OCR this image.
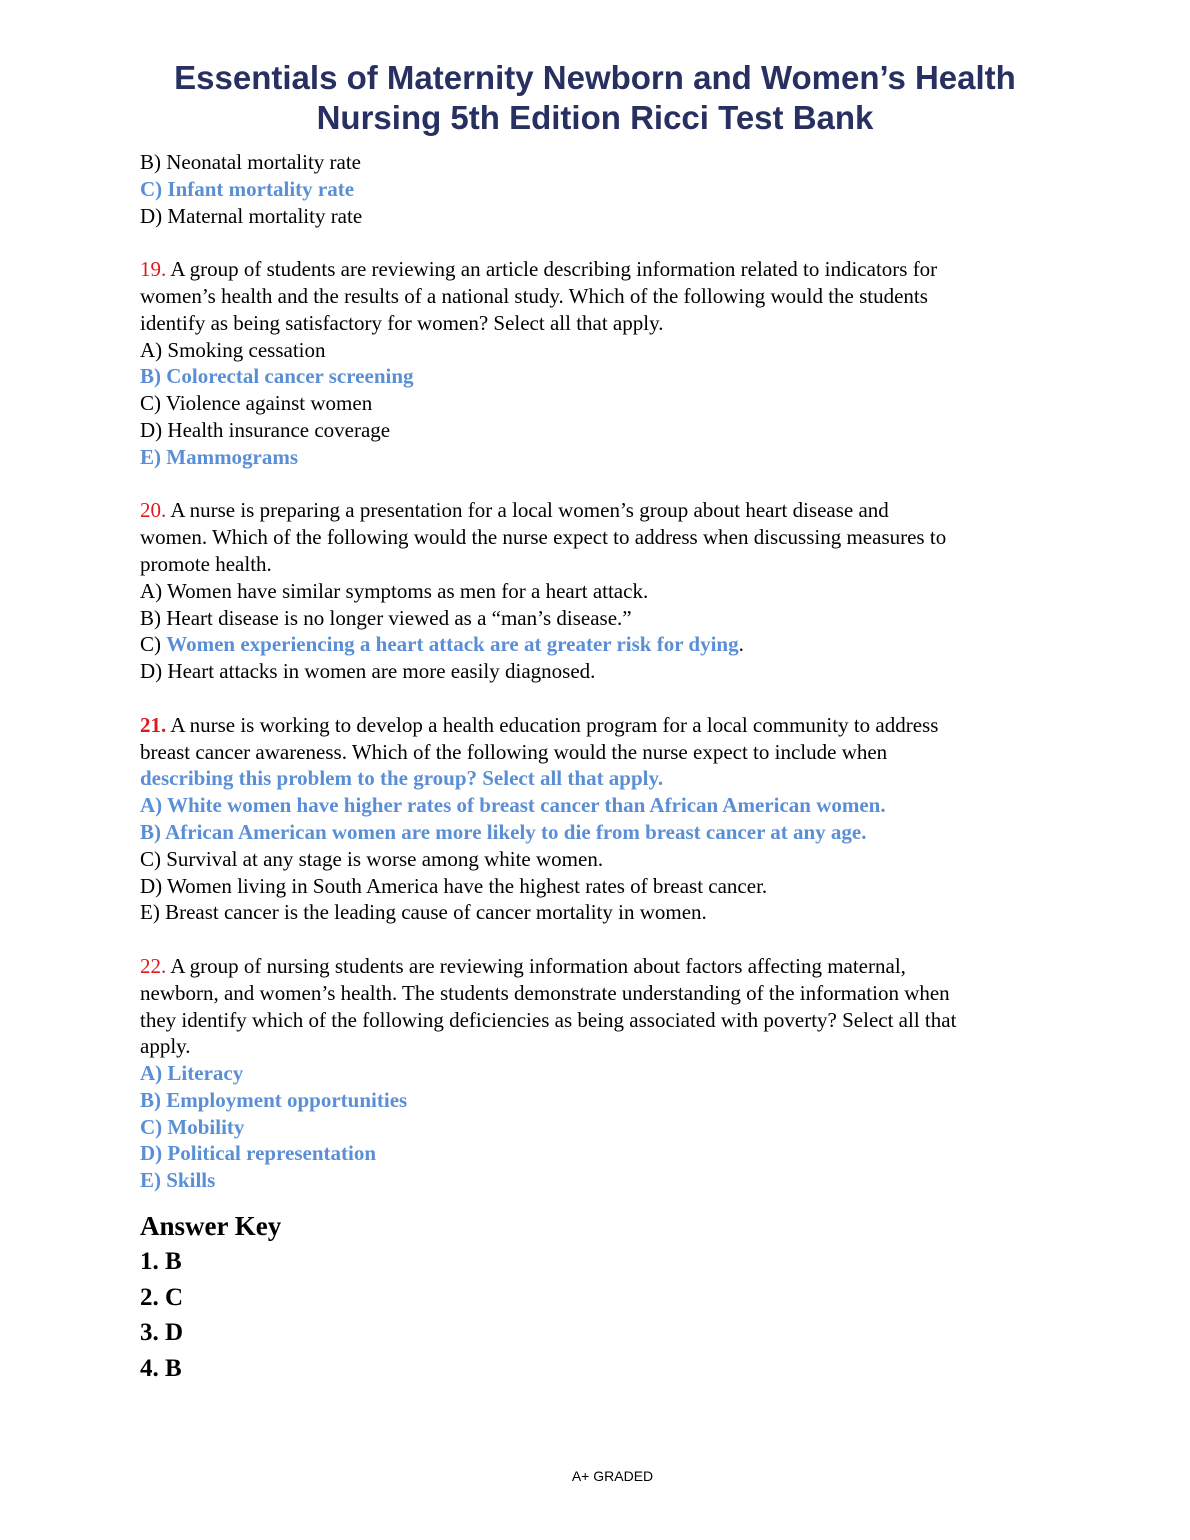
Essentials of Maternity Newborn and Women’s Health
Nursing 5th Edition Ricci Test Bank
B) Neonatal mortality rate
C) Infant mortality rate
D) Maternal mortality rate
19. A group of students are reviewing an article describing information related to indicators for
women’s health and the results of a national study. Which of the following would the students
identify as being satisfactory for women? Select all that apply.
A) Smoking cessation
B) Colorectal cancer screening
C) Violence against women
D) Health insurance coverage
E) Mammograms
20. A nurse is preparing a presentation for a local women’s group about heart disease and
women. Which of the following would the nurse expect to address when discussing measures to
promote health.
A) Women have similar symptoms as men for a heart attack.
B) Heart disease is no longer viewed as a “man’s disease.”
C) Women experiencing a heart attack are at greater risk for dying.
D) Heart attacks in women are more easily diagnosed.
21. A nurse is working to develop a health education program for a local community to address
breast cancer awareness. Which of the following would the nurse expect to include when
describing this problem to the group? Select all that apply.
A) White women have higher rates of breast cancer than African American women.
B) African American women are more likely to die from breast cancer at any age.
C) Survival at any stage is worse among white women.
D) Women living in South America have the highest rates of breast cancer.
E) Breast cancer is the leading cause of cancer mortality in women.
22. A group of nursing students are reviewing information about factors affecting maternal,
newborn, and women’s health. The students demonstrate understanding of the information when
they identify which of the following deficiencies as being associated with poverty? Select all that
apply.
A) Literacy
B) Employment opportunities
C) Mobility
D) Political representation
E) Skills
Answer Key
1. B
2. C
3. D
4. B
A+ GRADED
